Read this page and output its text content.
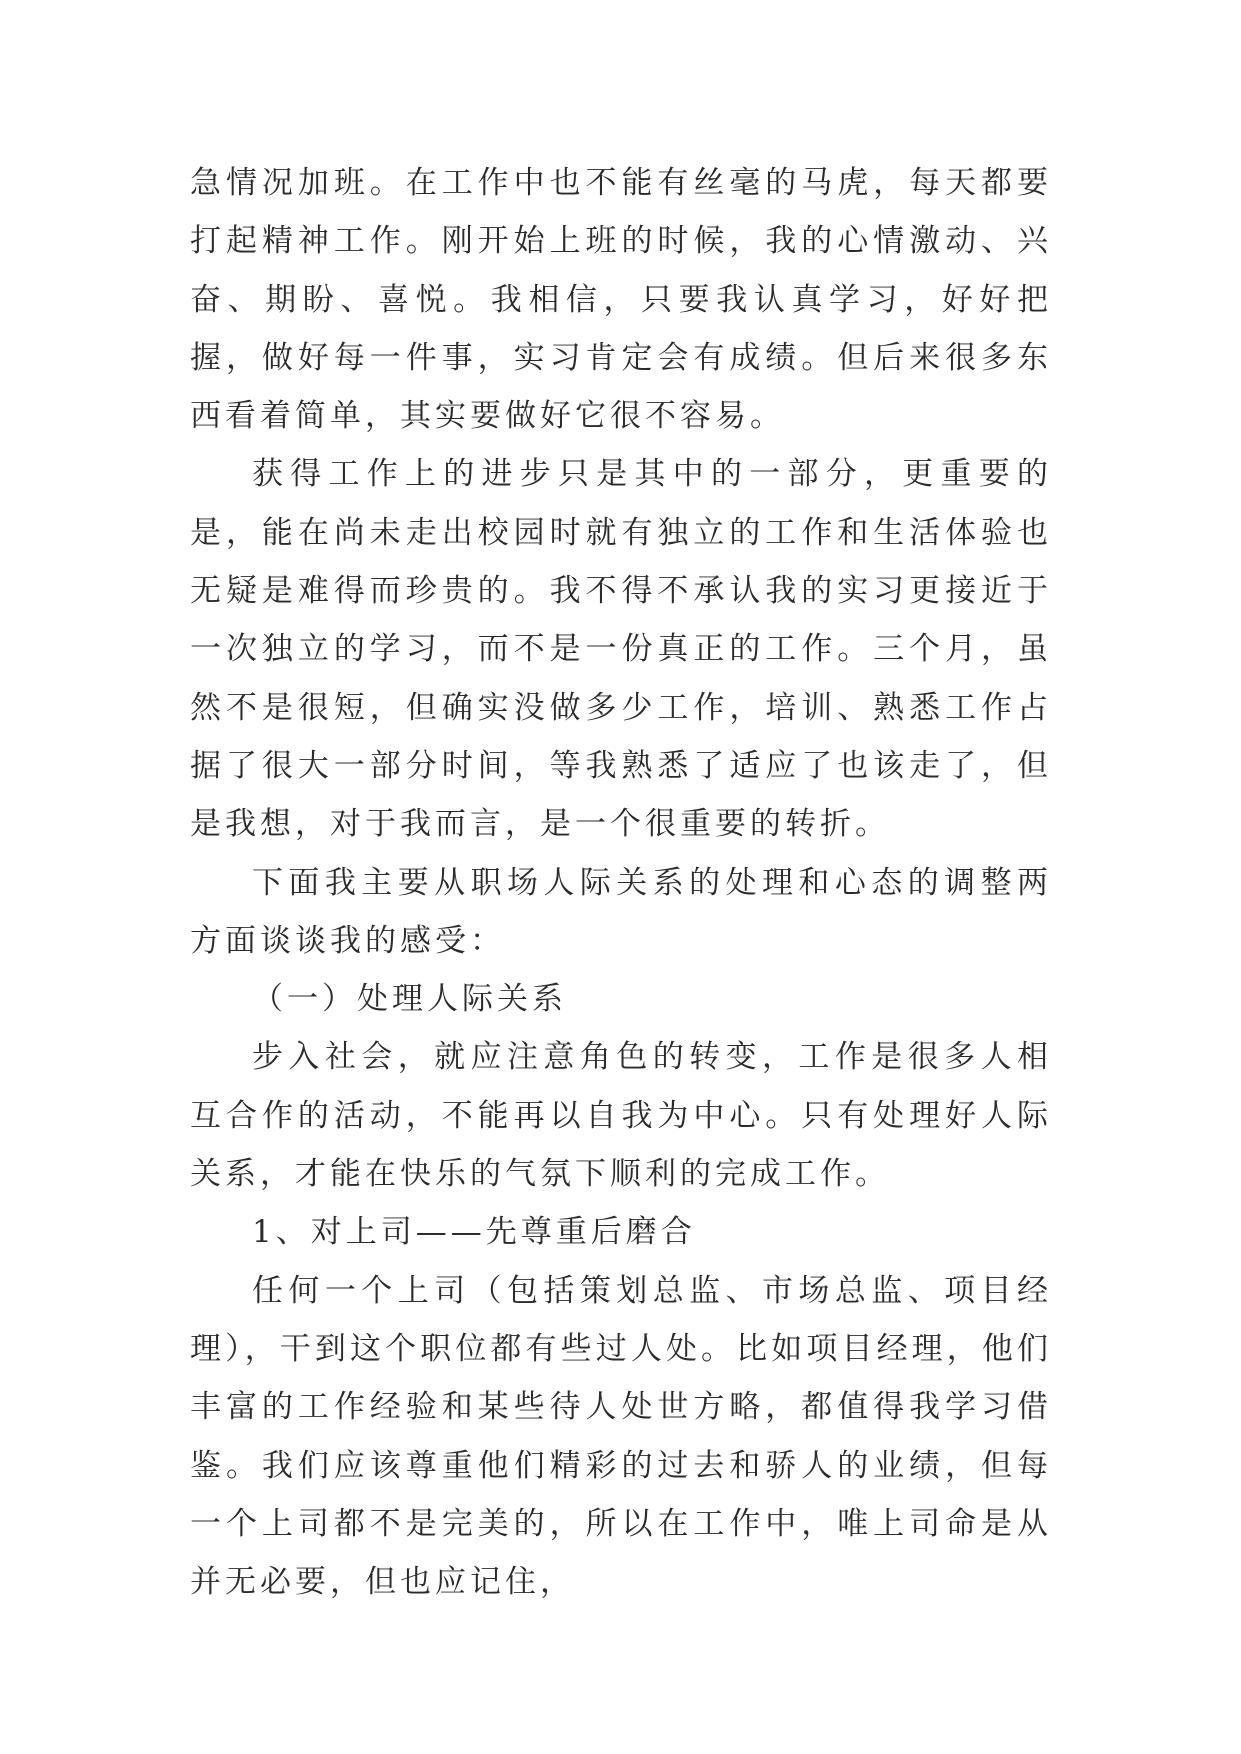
急情况加班。在工作中也不能有丝毫的马虎，每天都要打起精神工作。刚开始上班的时候，我的心情激动、兴奋、期盼、喜悦。我相信，只要我认真学习，好好把握，做好每一件事，实习肯定会有成绩。但后来很多东西看着简单，其实要做好它很不容易。

获得工作上的进步只是其中的一部分，更重要的是，能在尚未走出校园时就有独立的工作和生活体验也无疑是难得而珍贵的。我不得不承认我的实习更接近于一次独立的学习，而不是一份真正的工作。三个月，虽然不是很短，但确实没做多少工作，培训、熟悉工作占据了很大一部分时间，等我熟悉了适应了也该走了，但是我想，对于我而言，是一个很重要的转折。

下面我主要从职场人际关系的处理和心态的调整两方面谈谈我的感受：

（一）处理人际关系

步入社会，就应注意角色的转变，工作是很多人相互合作的活动，不能再以自我为中心。只有处理好人际关系，才能在快乐的气氛下顺利的完成工作。

1、对上司——先尊重后磨合

任何一个上司（包括策划总监、市场总监、项目经理），干到这个职位都有些过人处。比如项目经理，他们丰富的工作经验和某些待人处世方略，都值得我学习借鉴。我们应该尊重他们精彩的过去和骄人的业绩，但每一个上司都不是完美的，所以在工作中，唯上司命是从并无必要，但也应记住，
